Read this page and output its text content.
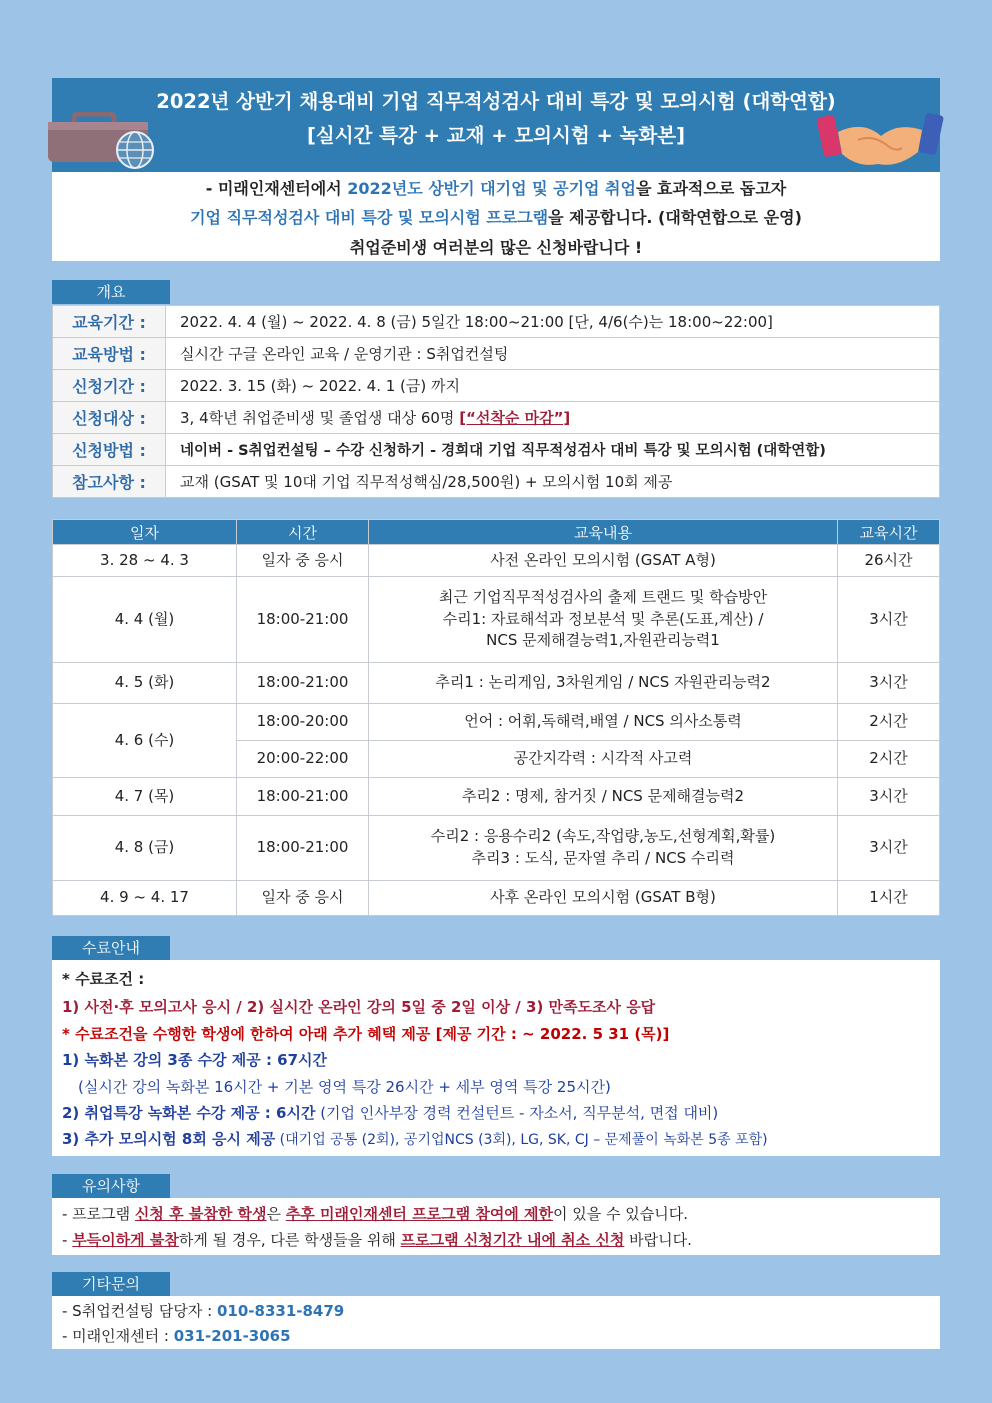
2022년 상반기 채용대비 기업 직무적성검사 대비 특강 및 모의시험 (대학연합)
[실시간 특강 + 교재 + 모의시험 + 녹화본]
- 미래인재센터에서 2022년도 상반기 대기업 및 공기업 취업을 효과적으로 돕고자
기업 직무적성검사 대비 특강 및 모의시험 프로그램을 제공합니다. (대학연합으로 운영)
취업준비생 여러분의 많은 신청바랍니다 !
개요
교육기간 :	2022. 4. 4 (월) ~ 2022. 4. 8 (금) 5일간 18:00~21:00 [단, 4/6(수)는 18:00~22:00]
교육방법 :	실시간 구글 온라인 교육 / 운영기관 : S취업컨설팅
신청기간 :	2022. 3. 15 (화) ~ 2022. 4. 1 (금) 까지
신청대상 :	3, 4학년 취업준비생 및 졸업생 대상 60명 [“선착순 마감”]
신청방법 :	네이버 - S취업컨설팅 – 수강 신청하기 - 경희대 기업 직무적성검사 대비 특강 및 모의시험 (대학연합)
참고사항 :	교재 (GSAT 및 10대 기업 직무적성핵심/28,500원) + 모의시험 10회 제공
일자	시간	교육내용	교육시간
3. 28 ~ 4. 3	일자 중 응시	사전 온라인 모의시험 (GSAT A형)	26시간
4. 4 (월)	18:00-21:00	최근 기업직무적성검사의 출제 트랜드 및 학습방안
수리1: 자료해석과 정보분석 및 추론(도표,계산) /
NCS 문제해결능력1,자원관리능력1	3시간
4. 5 (화)	18:00-21:00	추리1 : 논리게임, 3차원게임 / NCS 자원관리능력2	3시간
4. 6 (수)	18:00-20:00	언어 : 어휘,독해력,배열 / NCS 의사소통력	2시간
	20:00-22:00	공간지각력 : 시각적 사고력	2시간
4. 7 (목)	18:00-21:00	추리2 : 명제, 참거짓 / NCS 문제해결능력2	3시간
4. 8 (금)	18:00-21:00	수리2 : 응용수리2 (속도,작업량,농도,선형계획,확률)
추리3 : 도식, 문자열 추리 / NCS 수리력	3시간
4. 9 ~ 4. 17	일자 중 응시	사후 온라인 모의시험 (GSAT B형)	1시간
수료안내
* 수료조건 :
1) 사전·후 모의고사 응시 / 2) 실시간 온라인 강의 5일 중 2일 이상 / 3) 만족도조사 응답
* 수료조건을 수행한 학생에 한하여 아래 추가 혜택 제공 [제공 기간 : ~ 2022. 5 31 (목)]
1) 녹화본 강의 3종 수강 제공 : 67시간
(실시간 강의 녹화본 16시간 + 기본 영역 특강 26시간 + 세부 영역 특강 25시간)
2) 취업특강 녹화본 수강 제공 : 6시간 (기업 인사부장 경력 컨설턴트 - 자소서, 직무분석, 면접 대비)
3) 추가 모의시험 8회 응시 제공 (대기업 공통 (2회), 공기업NCS (3회), LG, SK, CJ – 문제풀이 녹화본 5종 포함)
유의사항
- 프로그램 신청 후 불참한 학생은 추후 미래인재센터 프로그램 참여에 제한이 있을 수 있습니다.
- 부득이하게 불참하게 될 경우, 다른 학생들을 위해 프로그램 신청기간 내에 취소 신청 바랍니다.
기타문의
- S취업컨설팅 담당자 : 010-8331-8479
- 미래인재센터 : 031-201-3065
